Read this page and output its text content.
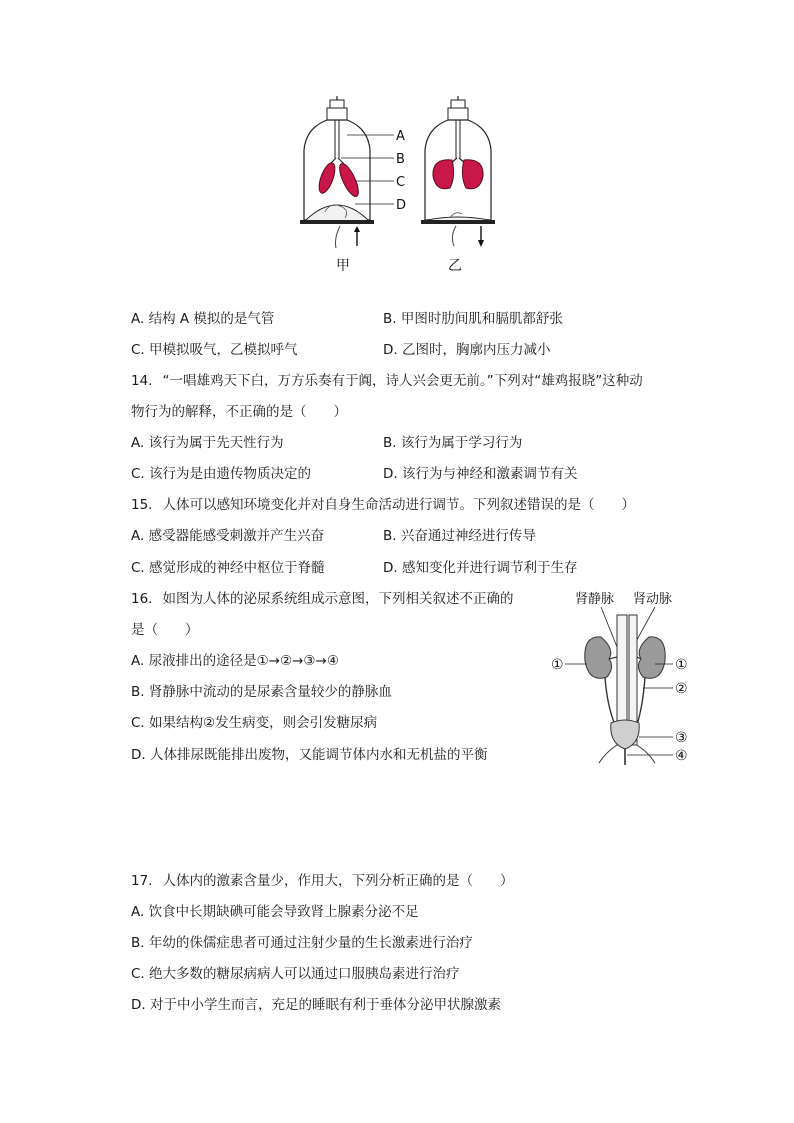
A
B
C
D
甲	乙
A. 结构 A 模拟的是气管	B. 甲图时肋间肌和膈肌都舒张
C. 甲模拟吸气，乙模拟呼气	D. 乙图时，胸廓内压力减小
14. “一唱雄鸡天下白，万方乐奏有于阗，诗人兴会更无前。”下列对“雄鸡报晓”这种动
物行为的解释，不正确的是（　　）
A. 该行为属于先天性行为	B. 该行为属于学习行为
C. 该行为是由遗传物质决定的	D. 该行为与神经和激素调节有关
15. 人体可以感知环境变化并对自身生命活动进行调节。下列叙述错误的是（　　）
A. 感受器能感受刺激并产生兴奋	B. 兴奋通过神经进行传导
C. 感觉形成的神经中枢位于脊髓	D. 感知变化并进行调节利于生存
16. 如图为人体的泌尿系统组成示意图，下列相关叙述不正确的
是（　　）
A. 尿液排出的途径是①→②→③→④
B. 肾静脉中流动的是尿素含量较少的静脉血
C. 如果结构②发生病变，则会引发糖尿病
D. 人体排尿既能排出废物，又能调节体内水和无机盐的平衡
肾静脉 肾动脉
①	①
②
③
④
17. 人体内的激素含量少，作用大，下列分析正确的是（　　）
A. 饮食中长期缺碘可能会导致肾上腺素分泌不足
B. 年幼的侏儒症患者可通过注射少量的生长激素进行治疗
C. 绝大多数的糖尿病病人可以通过口服胰岛素进行治疗
D. 对于中小学生而言，充足的睡眠有利于垂体分泌甲状腺激素
